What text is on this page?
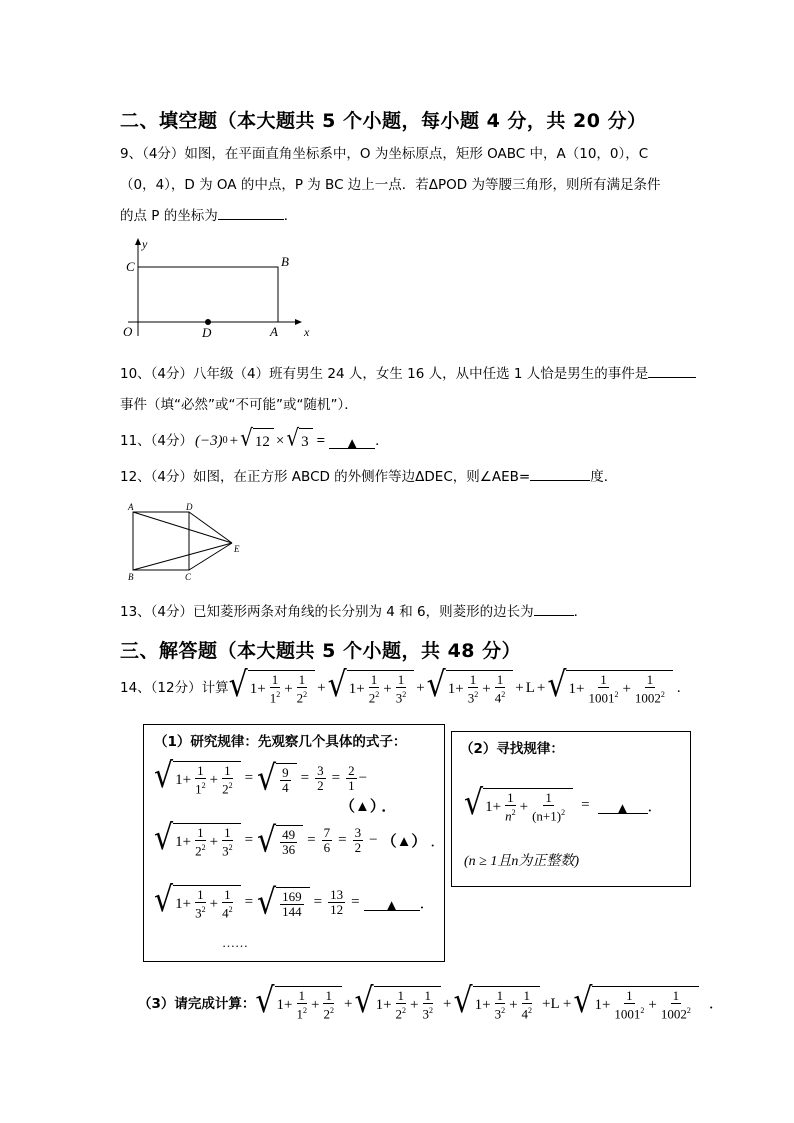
二、填空题（本大题共 5 个小题，每小题 4 分，共 20 分）
9、（4分）如图，在平面直角坐标系中，O 为坐标原点，矩形 OABC 中，A（10，0），C
（0，4），D 为 OA 的中点，P 为 BC 边上一点．若ΔPOD 为等腰三角形，则所有满足条件
的点 P 的坐标为	．
y
x
C	B
O	D	A
10、（4分）八年级（4）班有男生 24 人，女生 16 人，从中任选 1 人恰是男生的事件是
事件（填“必然”或“不可能”或“随机”）．
11、（4分） (−3) 0 + √ 12 × √ 3 =	▲	．
12、（4分）如图，在正方形 ABCD 的外侧作等边ΔDEC，则∠AEB=	度．
A	D
B	C
E
13、（4分）已知菱形两条对角线的长分别为 4 和 6，则菱形的边长为	．
三、解答题（本大题共 5 个小题，共 48 分）
14、（12分）计算 √ $1 + \frac{1}{1^2} + \frac{1}{2^2}$ + √ $1 + \frac{1}{2^2} + \frac{1}{3^2}$ + √ $1 + \frac{1}{3^2} + \frac{1}{4^2} + L$ + √ $1 + \frac{1}{1001^2} + \frac{1}{1002^2}$ .
（1）研究规律：先观察几个具体的式子：
√ $1+ \frac{1}{1^2} + \frac{1}{2^2}$ = √ $\frac{9}{4} = \frac{3}{2} = \frac{2}{1}$ −
（▲） ．
√ $1+ \frac{1}{2^2} + \frac{1}{3^2}$ = √ $\frac{49}{36} = \frac{7}{6} = \frac{3}{2}$ − （▲） ．
√ $1+ \frac{1}{3^2} + \frac{1}{4^2}$ = √ $\frac{169}{144} = \frac{13}{12}$ =	▲	．
……
（2）寻找规律：
√ $1+ \frac{1}{n^2} + \frac{1}{(n+1)^2}$ =	▲	．
(n ≥ 1且n为正整数)
（3）请完成计算： √ $1+ \frac{1}{1^2} + \frac{1}{2^2}$ + √ $1+ \frac{1}{2^2} + \frac{1}{3^2}$ + √ $1+ \frac{1}{3^2} + \frac{1}{4^2} +L$ + √ $1+ \frac{1}{1001^2} + \frac{1}{1002^2}$ ．
